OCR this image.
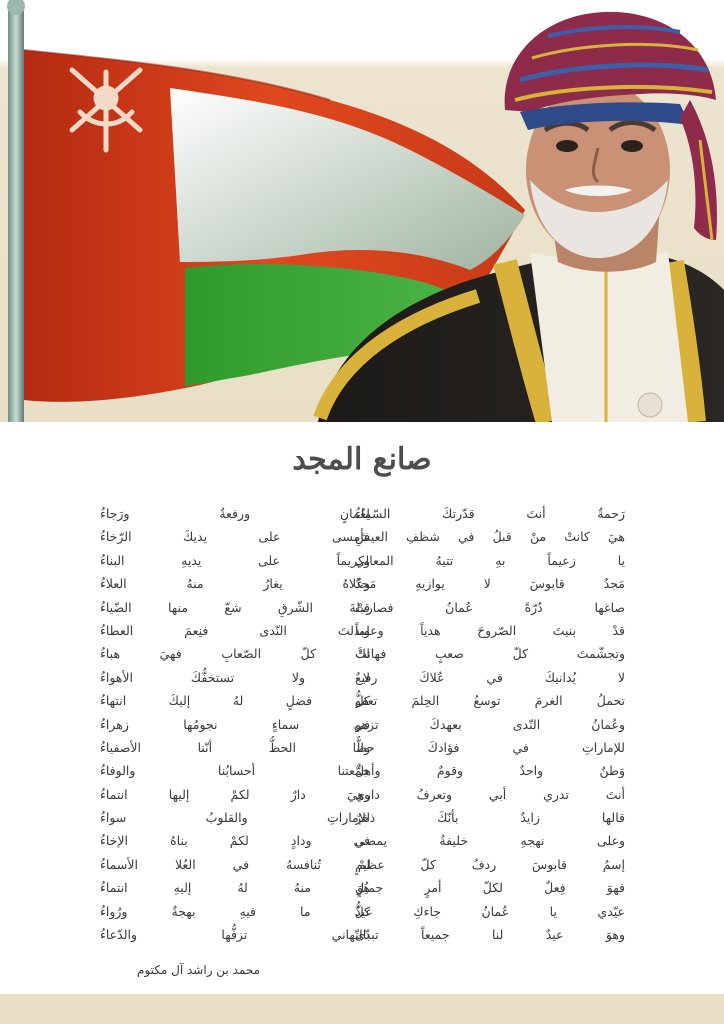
صانع المجد
رَحمةٌ أنتَ قدّرتكَ السّماءُ
هيَ كانتْ منْ قبلُ في شظفِ العيشِ
يا زعيماً بهِ تتيهُ المعالي
مَجدُ قابوسَ لا يوازيهِ مَجدٌ
صاغها دُرّةً عُمانُ فصارتْ
قدْ بنيتَ الصّروحَ هدياً وعلماً
وتجشّمتَ كلّ صعبٍ فهانتْ
لا يُدانيكَ في عُلاكَ رفيعٌ
تحملُ الغرمَ توسعُ الحِلمَ تعفو
وعُمانُ النّدى بعهدكَ تزهو
للإماراتِ في فؤادكَ حظٌّ
وَطنٌ واحدٌ وقومٌ وأهلٌ
أنتَ تدري أبي وتعرفُ داري
قالها زايدٌ بأنّكَ ذخرٌ
وعلى نهجهِ خليفةُ يمضي
إسمُ قابوسَ ردفُ كلّ عظيمٍ
فهوَ فِعلٌ لكلّ أمرٍ جميلٍ
عيّدي يا عُمانُ جاءكِ عيدٌ
وهوَ عيدٌ لنا جميعاً تبدّى
لِعُمانٍ ورفعةٌ ورَجاءُ
فأمسى على يديكَ الرّخاءُ
وكريماً على يديهِ البناءُ
وعُلاهُ يغارُ منهُ العلاءُ
قِبلةَ الشّرقِ شعّ منها الضّياءُ
وبذلتَ النّدى فنِعمَ العطاءُ
لكَ كلّ الصّعابِ فهيَ هباءُ
لا ولا تستخفُّكَ الأهواءُ
كلُّ فضلٍ لهُ إليكَ انتهاءُ
في سماءٍ نجومُها زهراءُ
ولنا الحظُّ أنّنا الأصفياءُ
جمّعتنا أحسابُنا والوفاءُ
وهيَ دارٌ لكمْ إليها انتماءُ
للإماراتِ والقلوبُ سواءُ
في ودادٍ لكمْ بناهُ الإخاءُ
لمْ تُنافسهُ في العُلا الأسماءُ
هُوَ منهُ لهُ إليهِ انتماءُ
كلُّ ما فيهِ بهجةٌ ورُواءُ
بالتّهاني تزفُّها والدّعاءُ
محمد بن راشد آل مكتوم
